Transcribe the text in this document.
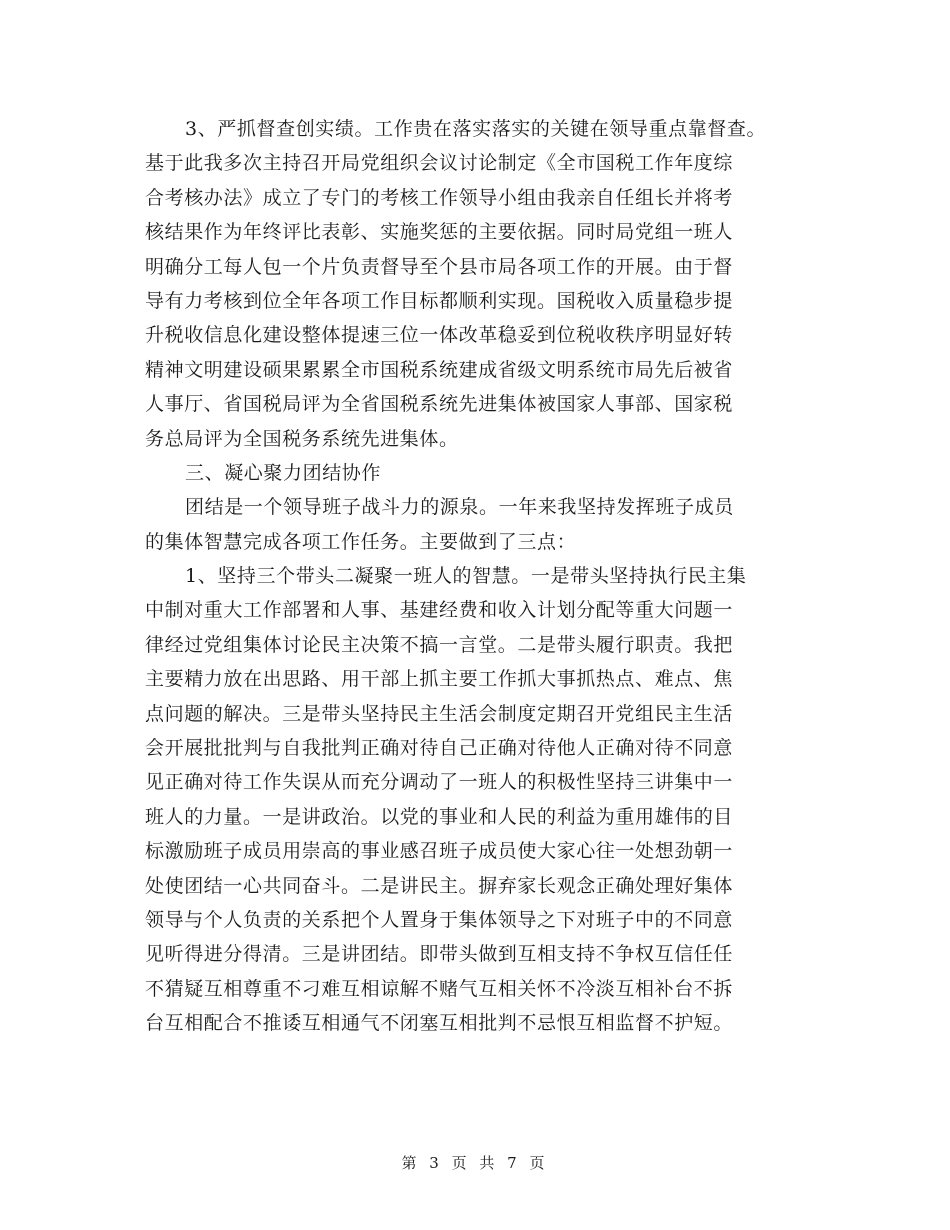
3、严抓督查创实绩。工作贵在落实落实的关键在领导重点靠督查。
基于此我多次主持召开局党组织会议讨论制定《全市国税工作年度综
合考核办法》成立了专门的考核工作领导小组由我亲自任组长并将考
核结果作为年终评比表彰、实施奖惩的主要依据。同时局党组一班人
明确分工每人包一个片负责督导至个县市局各项工作的开展。由于督
导有力考核到位全年各项工作目标都顺利实现。国税收入质量稳步提
升税收信息化建设整体提速三位一体改革稳妥到位税收秩序明显好转
精神文明建设硕果累累全市国税系统建成省级文明系统市局先后被省
人事厅、省国税局评为全省国税系统先进集体被国家人事部、国家税
务总局评为全国税务系统先进集体。
三、凝心聚力团结协作
团结是一个领导班子战斗力的源泉。一年来我坚持发挥班子成员
的集体智慧完成各项工作任务。主要做到了三点：
1、坚持三个带头二凝聚一班人的智慧。一是带头坚持执行民主集
中制对重大工作部署和人事、基建经费和收入计划分配等重大问题一
律经过党组集体讨论民主决策不搞一言堂。二是带头履行职责。我把
主要精力放在出思路、用干部上抓主要工作抓大事抓热点、难点、焦
点问题的解决。三是带头坚持民主生活会制度定期召开党组民主生活
会开展批批判与自我批判正确对待自己正确对待他人正确对待不同意
见正确对待工作失误从而充分调动了一班人的积极性坚持三讲集中一
班人的力量。一是讲政治。以党的事业和人民的利益为重用雄伟的目
标激励班子成员用崇高的事业感召班子成员使大家心往一处想劲朝一
处使团结一心共同奋斗。二是讲民主。摒弃家长观念正确处理好集体
领导与个人负责的关系把个人置身于集体领导之下对班子中的不同意
见听得进分得清。三是讲团结。即带头做到互相支持不争权互信任任
不猜疑互相尊重不刁难互相谅解不赌气互相关怀不冷淡互相补台不拆
台互相配合不推诿互相通气不闭塞互相批判不忌恨互相监督不护短。
第 3 页 共 7 页
